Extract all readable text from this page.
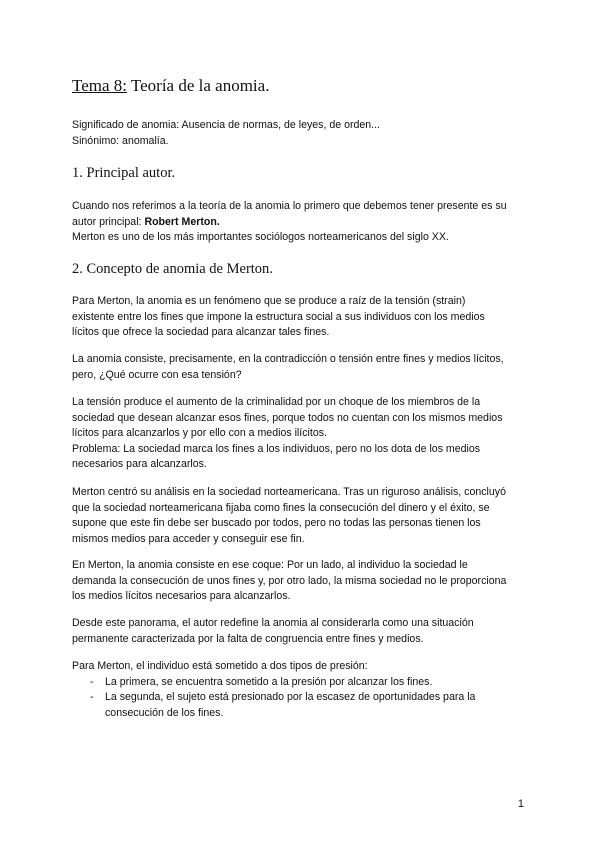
Tema 8: Teoría de la anomia.
Significado de anomia: Ausencia de normas, de leyes, de orden...
Sinónimo: anomalía.
1. Principal autor.
Cuando nos referimos a la teoría de la anomia lo primero que debemos tener presente es su
autor principal: Robert Merton.
Merton es uno de los más importantes sociólogos norteamericanos del siglo XX.
2. Concepto de anomia de Merton.
Para Merton, la anomia es un fenómeno que se produce a raíz de la tensión (strain)
existente entre los fines que impone la estructura social a sus individuos con los medios
lícitos que ofrece la sociedad para alcanzar tales fines.
La anomia consiste, precisamente, en la contradicción o tensión entre fines y medios lícitos,
pero, ¿Qué ocurre con esa tensión?
La tensión produce el aumento de la criminalidad por un choque de los miembros de la
sociedad que desean alcanzar esos fines, porque todos no cuentan con los mismos medios
lícitos para alcanzarlos y por ello con a medios ilícitos.
Problema: La sociedad marca los fines a los individuos, pero no los dota de los medios
necesarios para alcanzarlos.
Merton centró su análisis en la sociedad norteamericana. Tras un riguroso análisis, concluyó
que la sociedad norteamericana fijaba como fines la consecución del dinero y el éxito, se
supone que este fin debe ser buscado por todos, pero no todas las personas tienen los
mismos medios para acceder y conseguir ese fin.
En Merton, la anomia consiste en ese coque: Por un lado, al individuo la sociedad le
demanda la consecución de unos fines y, por otro lado, la misma sociedad no le proporciona
los medios lícitos necesarios para alcanzarlos.
Desde este panorama, el autor redefine la anomia al considerarla como una situación
permanente caracterizada por la falta de congruencia entre fines y medios.
Para Merton, el individuo está sometido a dos tipos de presión:
- La primera, se encuentra sometido a la presión por alcanzar los fines.
- La segunda, el sujeto está presionado por la escasez de oportunidades para la consecución de los fines.
1
